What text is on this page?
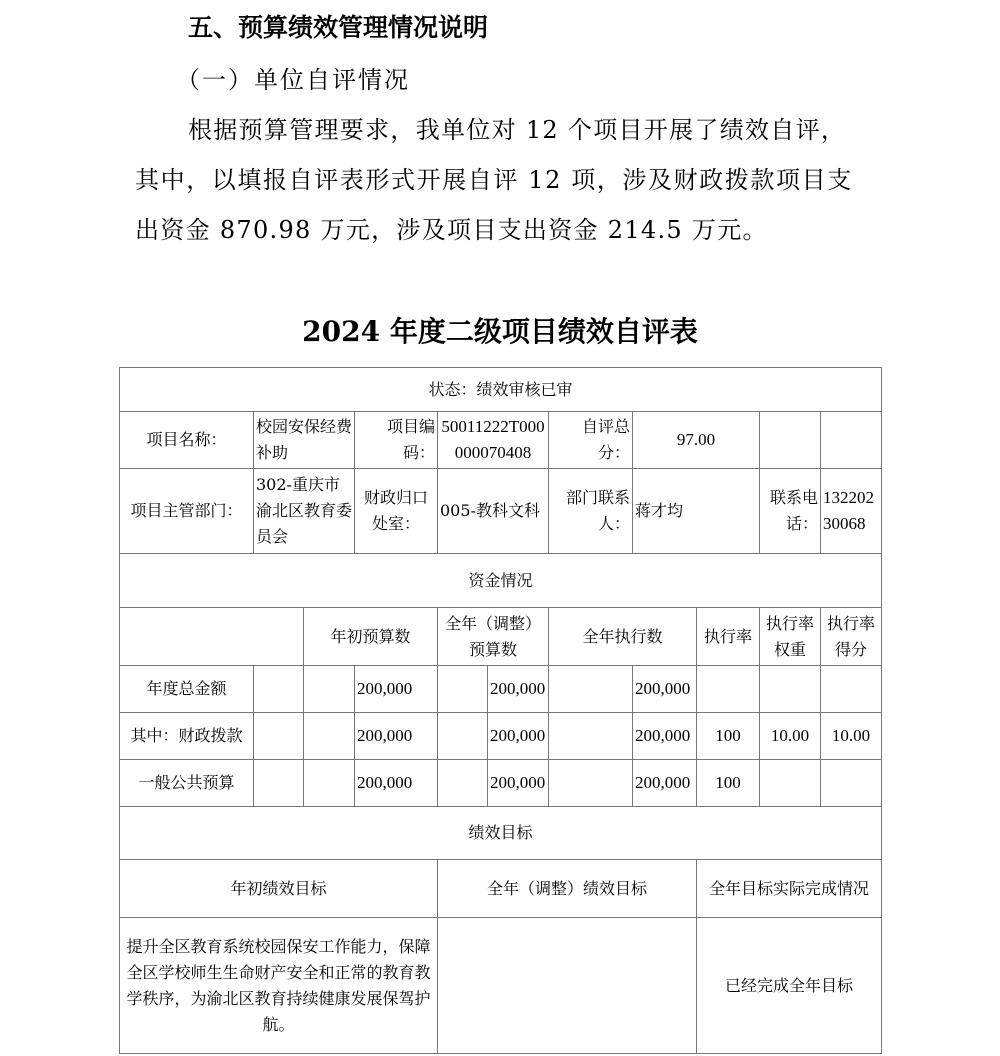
五、预算绩效管理情况说明
（一）单位自评情况
根据预算管理要求，我单位对 12 个项目开展了绩效自评，
其中，以填报自评表形式开展自评 12 项，涉及财政拨款项目支
出资金 870.98 万元，涉及项目支出资金 214.5 万元。
2024 年度二级项目绩效自评表
状态：绩效审核已审										
项目名称：	校园安保经费补助		项目编码：	50011222T000000070408		自评总分：	97.00			
项目主管部门：	302-重庆市渝北区教育委员会		财政归口处室：	005-教科文科		部门联系人：	蒋才均		联系电话：	13220230068
资金情况										
		年初预算数		全年（调整）预算数		全年执行数		执行率	执行率权重	执行率得分
年度总金额			200,000		200,000		200,000			
其中：财政拨款			200,000		200,000		200,000	100	10.00	10.00
一般公共预算			200,000		200,000		200,000	100		
绩效目标										
年初绩效目标				全年（调整）绩效目标				全年目标实际完成情况		
提升全区教育系统校园保安工作能力，保障全区学校师生生命财产安全和正常的教育教学秩序，为渝北区教育持续健康发展保驾护航。								已经完成全年目标		
